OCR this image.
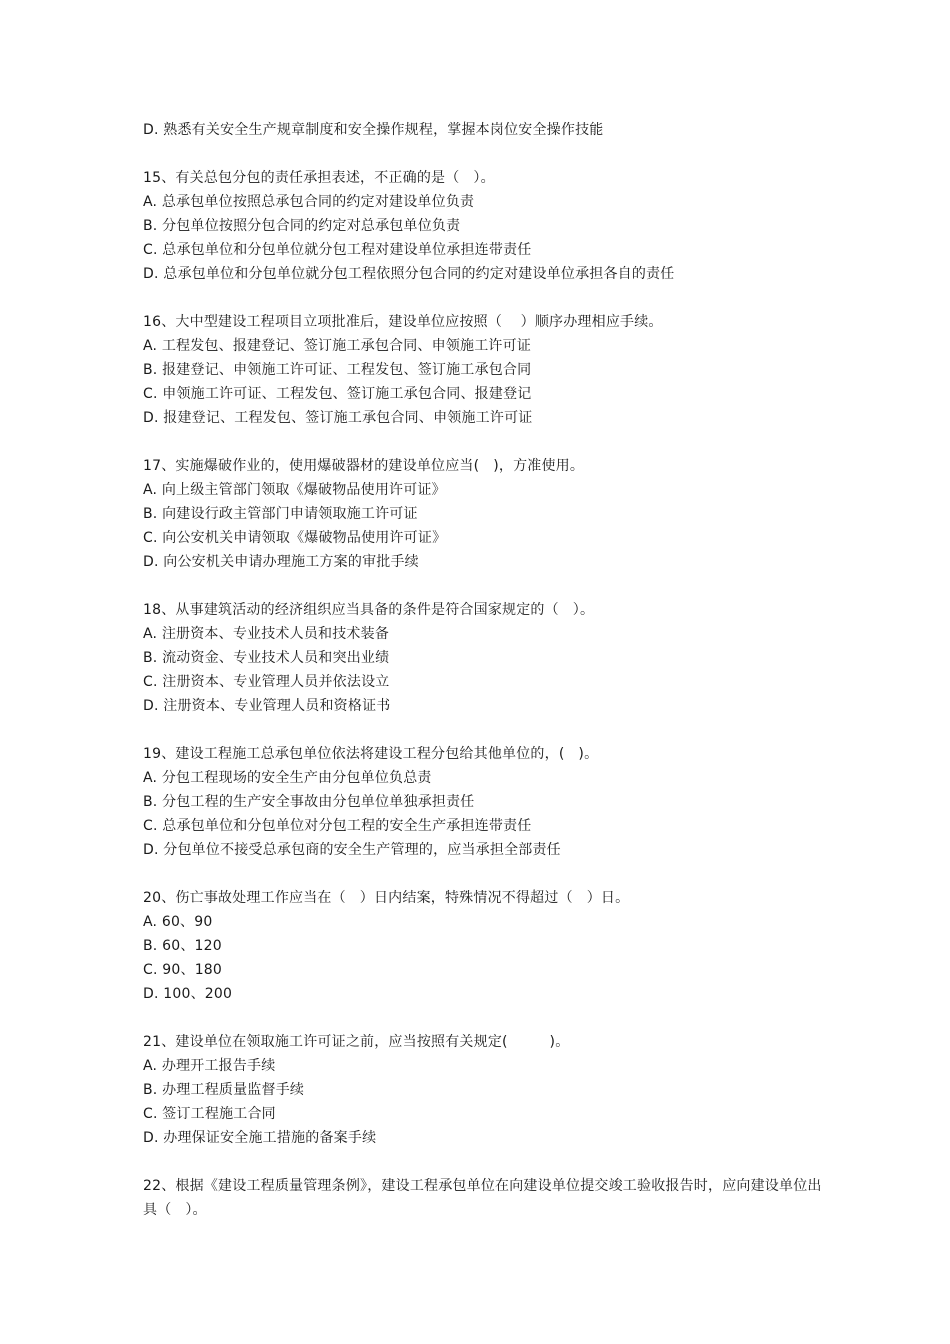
D. 熟悉有关安全生产规章制度和安全操作规程，掌握本岗位安全操作技能
15、有关总包分包的责任承担表述，不正确的是（   ）。
A. 总承包单位按照总承包合同的约定对建设单位负责
B. 分包单位按照分包合同的约定对总承包单位负责
C. 总承包单位和分包单位就分包工程对建设单位承担连带责任
D. 总承包单位和分包单位就分包工程依照分包合同的约定对建设单位承担各自的责任
16、大中型建设工程项目立项批准后，建设单位应按照（    ）顺序办理相应手续。
A. 工程发包、报建登记、签订施工承包合同、申领施工许可证
B. 报建登记、申领施工许可证、工程发包、签订施工承包合同
C. 申领施工许可证、工程发包、签订施工承包合同、报建登记
D. 报建登记、工程发包、签订施工承包合同、申领施工许可证
17、实施爆破作业的，使用爆破器材的建设单位应当(   )，方准使用。
A. 向上级主管部门领取《爆破物品使用许可证》
B. 向建设行政主管部门申请领取施工许可证
C. 向公安机关申请领取《爆破物品使用许可证》
D. 向公安机关申请办理施工方案的审批手续
18、从事建筑活动的经济组织应当具备的条件是符合国家规定的（   ）。
A. 注册资本、专业技术人员和技术装备
B. 流动资金、专业技术人员和突出业绩
C. 注册资本、专业管理人员并依法设立
D. 注册资本、专业管理人员和资格证书
19、建设工程施工总承包单位依法将建设工程分包给其他单位的，(   )。
A. 分包工程现场的安全生产由分包单位负总责
B. 分包工程的生产安全事故由分包单位单独承担责任
C. 总承包单位和分包单位对分包工程的安全生产承担连带责任
D. 分包单位不接受总承包商的安全生产管理的，应当承担全部责任
20、伤亡事故处理工作应当在（   ）日内结案，特殊情况不得超过（   ）日。
A. 60、90
B. 60、120
C. 90、180
D. 100、200
21、建设单位在领取施工许可证之前，应当按照有关规定(         )。
A. 办理开工报告手续
B. 办理工程质量监督手续
C. 签订工程施工合同
D. 办理保证安全施工措施的备案手续
22、根据《建设工程质量管理条例》，建设工程承包单位在向建设单位提交竣工验收报告时，应向建设单位出具（   ）。
